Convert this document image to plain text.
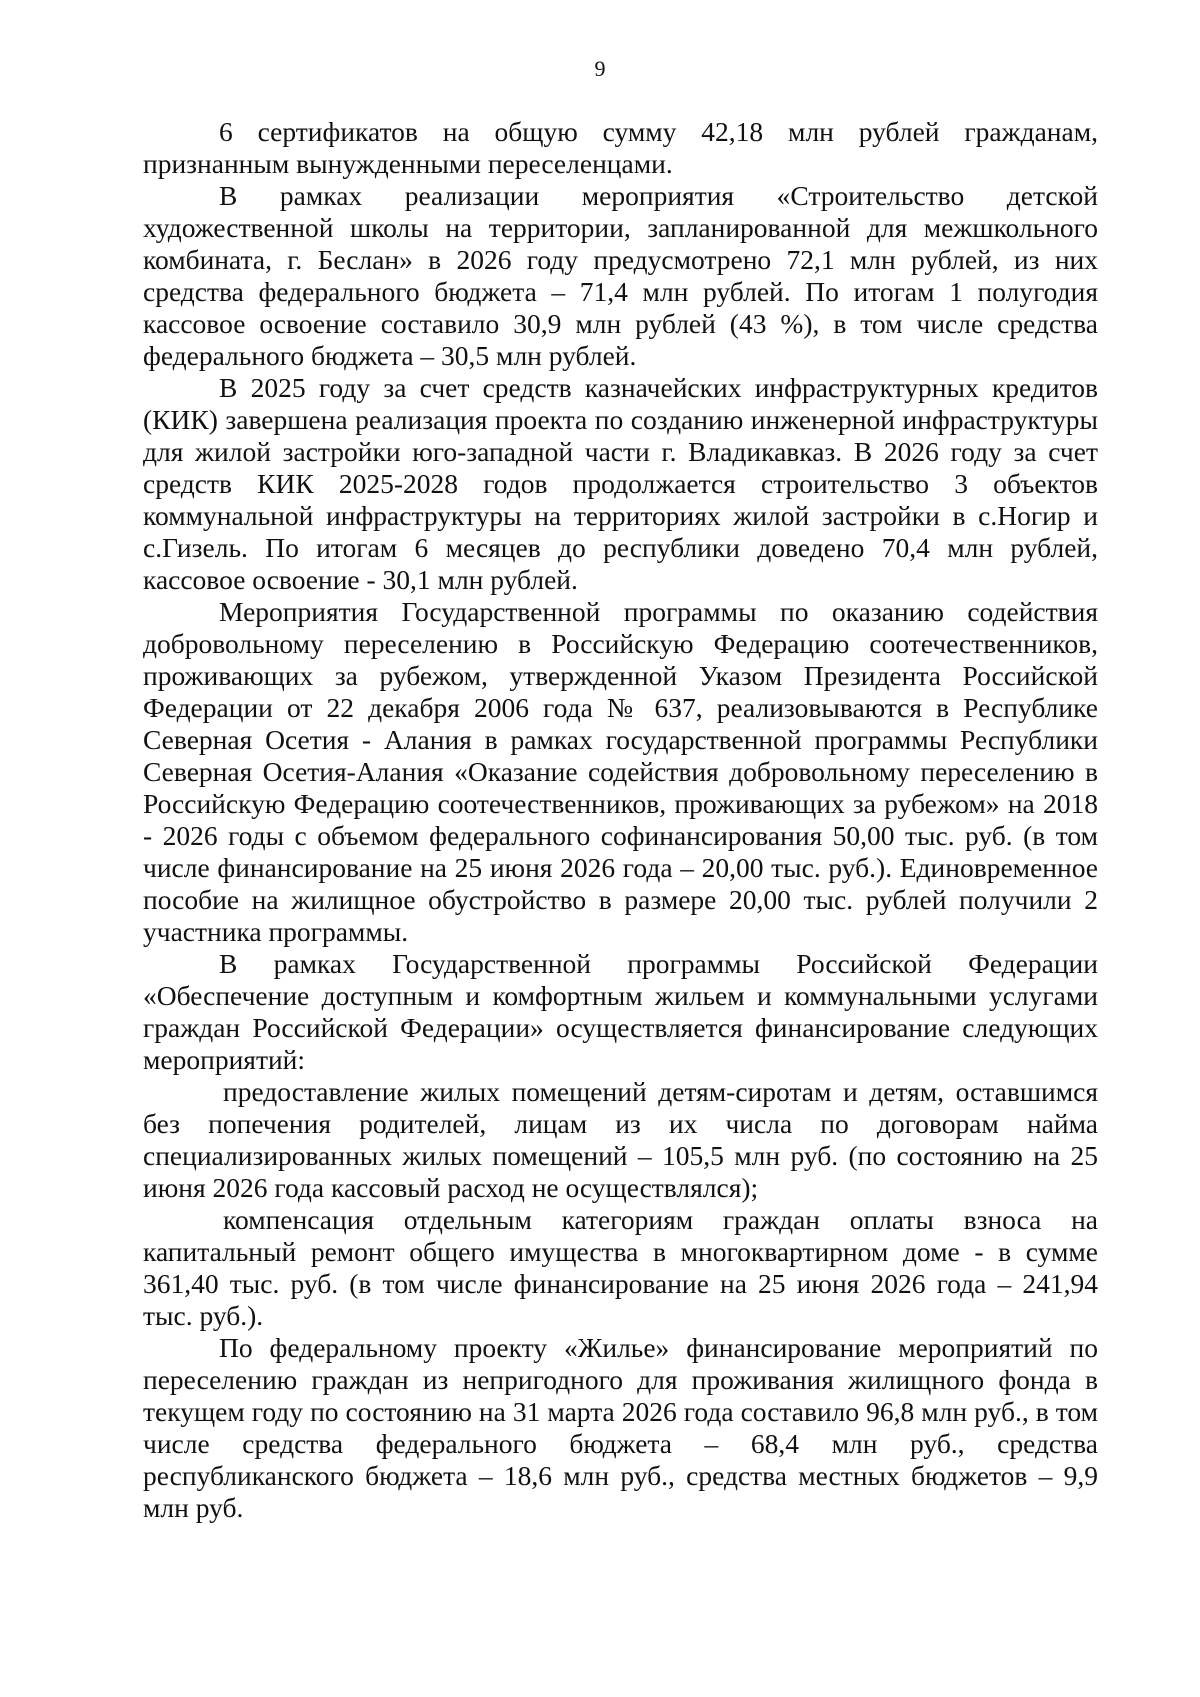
9

6 сертификатов на общую сумму 42,18 млн рублей гражданам, признанным вынужденными переселенцами.

В рамках реализации мероприятия «Строительство детской художественной школы на территории, запланированной для межшкольного комбината, г. Беслан» в 2026 году предусмотрено 72,1 млн рублей, из них средства федерального бюджета – 71,4 млн рублей. По итогам 1 полугодия кассовое освоение составило 30,9 млн рублей (43 %), в том числе средства федерального бюджета – 30,5 млн рублей.

В 2025 году за счет средств казначейских инфраструктурных кредитов (КИК) завершена реализация проекта по созданию инженерной инфраструктуры для жилой застройки юго-западной части г. Владикавказ. В 2026 году за счет средств КИК 2025-2028 годов продолжается строительство 3 объектов коммунальной инфраструктуры на территориях жилой застройки в с.Ногир и с.Гизель. По итогам 6 месяцев до республики доведено 70,4 млн рублей, кассовое освоение - 30,1 млн рублей.

Мероприятия Государственной программы по оказанию содействия добровольному переселению в Российскую Федерацию соотечественников, проживающих за рубежом, утвержденной Указом Президента Российской Федерации от 22 декабря 2006 года № 637, реализовываются в Республике Северная Осетия - Алания в рамках государственной программы Республики Северная Осетия-Алания «Оказание содействия добровольному переселению в Российскую Федерацию соотечественников, проживающих за рубежом» на 2018 - 2026 годы с объемом федерального софинансирования 50,00 тыс. руб. (в том числе финансирование на 25 июня 2026 года – 20,00 тыс. руб.). Единовременное пособие на жилищное обустройство в размере 20,00 тыс. рублей получили 2 участника программы.

В рамках Государственной программы Российской Федерации «Обеспечение доступным и комфортным жильем и коммунальными услугами граждан Российской Федерации» осуществляется финансирование следующих мероприятий:

предоставление жилых помещений детям-сиротам и детям, оставшимся без попечения родителей, лицам из их числа по договорам найма специализированных жилых помещений – 105,5 млн руб. (по состоянию на 25 июня 2026 года кассовый расход не осуществлялся);

компенсация отдельным категориям граждан оплаты взноса на капитальный ремонт общего имущества в многоквартирном доме - в сумме 361,40 тыс. руб. (в том числе финансирование на 25 июня 2026 года – 241,94 тыс. руб.).

По федеральному проекту «Жилье» финансирование мероприятий по переселению граждан из непригодного для проживания жилищного фонда в текущем году по состоянию на 31 марта 2026 года составило 96,8 млн руб., в том числе средства федерального бюджета – 68,4 млн руб., средства республиканского бюджета – 18,6 млн руб., средства местных бюджетов – 9,9 млн руб.
